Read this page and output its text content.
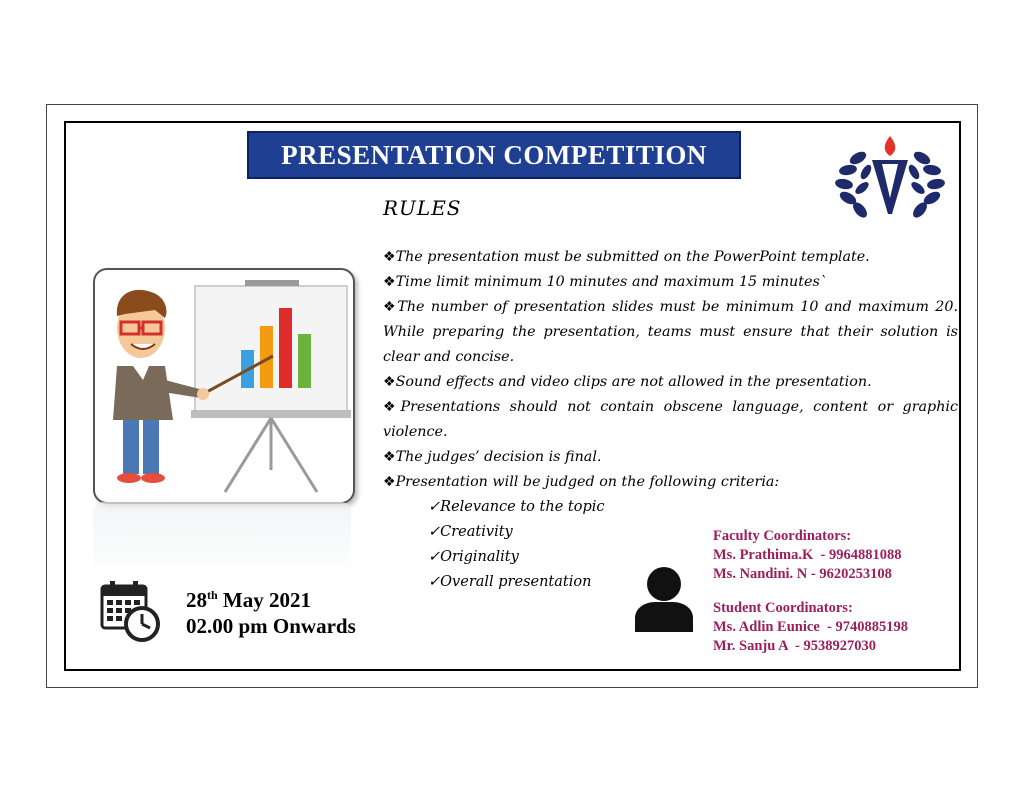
PRESENTATION COMPETITION
RULES

❖The presentation must be submitted on the PowerPoint template.

❖Time limit minimum 10 minutes and maximum 15 minutes`

❖The number of presentation slides must be minimum 10 and maximum 20. While preparing the presentation, teams must ensure that their solution is clear and concise.

❖Sound effects and video clips are not allowed in the presentation.

❖Presentations should not contain obscene language, content or graphic violence.

❖The judges’ decision is final.

❖Presentation will be judged on the following criteria:

✓Relevance to the topic
✓Creativity
✓Originality
✓Overall presentation
28th May 2021
02.00 pm Onwards
Faculty Coordinators:
Ms. Prathima.K  - 9964881088
Ms. Nandini. N - 9620253108
Student Coordinators:
Ms. Adlin Eunice  - 9740885198
Mr. Sanju A  - 9538927030
